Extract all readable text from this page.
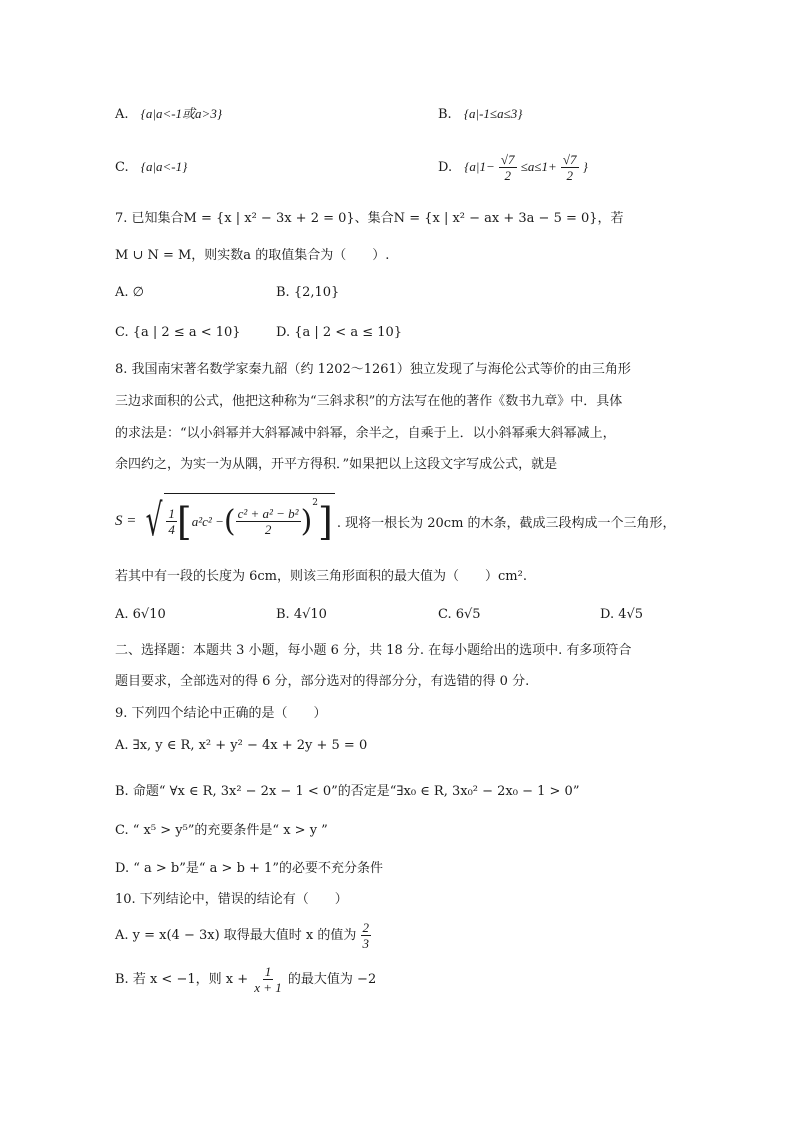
A. {a|a<-1或a>3}	B. {a|-1≤a≤3}
C. {a|a<-1}	D. {$a|1- \frac{√7}{2} \le a\le 1+ \frac{√7}{2}$ }
7. 已知集合M = {x | x² − 3x + 2 = 0}、集合N = {x | x² − ax + 3a − 5 = 0}，若
M ∪ N = M，则实数a 的取值集合为（　　）.
A. ∅	B. {2,10}
C. {a | 2 ≤ a < 10}	D. {a | 2 < a ≤ 10}
8. 我国南宋著名数学家秦九韶（约 1202～1261）独立发现了与海伦公式等价的由三角形
三边求面积的公式，他把这种称为“三斜求积”的方法写在他的著作《数书九章》中．具体
的求法是：“以小斜幂并大斜幂减中斜幂，余半之，自乘于上．以小斜幂乘大斜幂减上，
余四约之，为实一为从隅，开平方得积．”如果把以上这段文字写成公式，就是
S = √ $\frac{1}{4}$ [ a²c² − ( $\frac{\text{c² + a² − b²}}{2}$ )
$^2$ ] . 现将一根长为 20cm 的木条，截成三段构成一个三角形，
若其中有一段的长度为 6cm，则该三角形面积的最大值为（　　）cm².
A. 6√10	B. 4√10	C. 6√5	D. 4√5
二、选择题：本题共 3 小题，每小题 6 分，共 18 分. 在每小题给出的选项中. 有多项符合
题目要求，全部选对的得 6 分，部分选对的得部分分，有选错的得 0 分.
9. 下列四个结论中正确的是（　　）
A. ∃x, y ∈ R, x² + y² − 4x + 2y + 5 = 0
B. 命题“ ∀x ∈ R, 3x² − 2x − 1 < 0”的否定是“∃x₀ ∈ R, 3x₀² − 2x₀ − 1 > 0”
C. “ x⁵ > y⁵”的充要条件是“ x > y ”
D. “ a > b”是“ a > b + 1”的必要不充分条件
10. 下列结论中，错误的结论有（　　）
A. y = x(4 − 3x) 取得最大值时 x 的值为 $\frac{2}{3}$
B. 若 x < −1，则 $x + \frac{1}{x + 1}$ 的最大值为 −2
